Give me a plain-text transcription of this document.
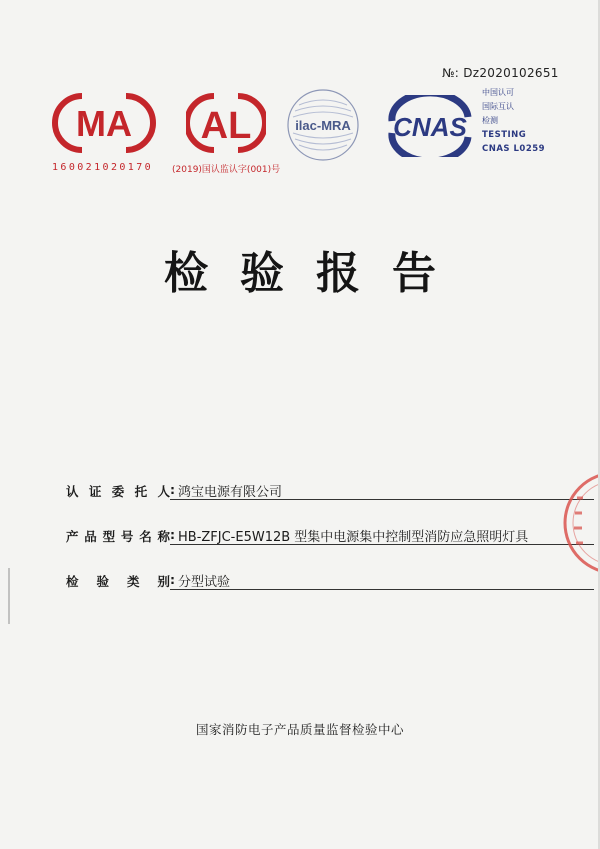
№: Dz2020102651
MA
160021020170
AL
(2019)国认监认字(001)号
ilac-MRA CNAS
中国认可
国际互认
检测
TESTING
CNAS L0259
检验报告
认证委托人 : 鸿宝电源有限公司
产品型号名称 : HB-ZFJC-E5W12B 型集中电源集中控制型消防应急照明灯具
检验类别 : 分型试验
国家消防电子产品质量监督检验中心
